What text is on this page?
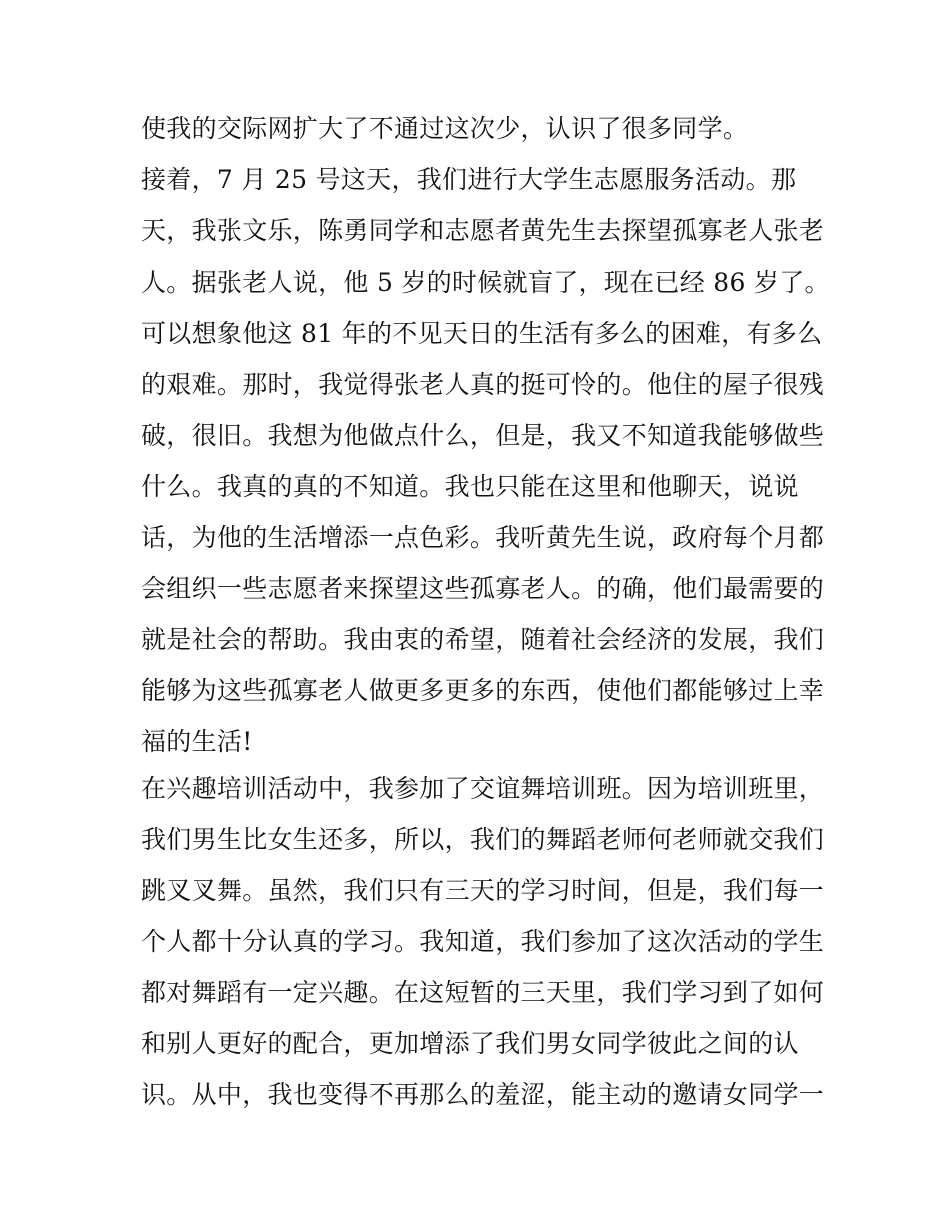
使我的交际网扩大了不通过这次少，认识了很多同学。
接着，7 月 25 号这天，我们进行大学生志愿服务活动。那
天，我张文乐，陈勇同学和志愿者黄先生去探望孤寡老人张老
人。据张老人说，他 5 岁的时候就盲了，现在已经 86 岁了。
可以想象他这 81 年的不见天日的生活有多么的困难，有多么
的艰难。那时，我觉得张老人真的挺可怜的。他住的屋子很残
破，很旧。我想为他做点什么，但是，我又不知道我能够做些
什么。我真的真的不知道。我也只能在这里和他聊天，说说
话，为他的生活增添一点色彩。我听黄先生说，政府每个月都
会组织一些志愿者来探望这些孤寡老人。的确，他们最需要的
就是社会的帮助。我由衷的希望，随着社会经济的发展，我们
能够为这些孤寡老人做更多更多的东西，使他们都能够过上幸
福的生活!
在兴趣培训活动中，我参加了交谊舞培训班。因为培训班里，
我们男生比女生还多，所以，我们的舞蹈老师何老师就交我们
跳叉叉舞。虽然，我们只有三天的学习时间，但是，我们每一
个人都十分认真的学习。我知道，我们参加了这次活动的学生
都对舞蹈有一定兴趣。在这短暂的三天里，我们学习到了如何
和别人更好的配合，更加增添了我们男女同学彼此之间的认
识。从中，我也变得不再那么的羞涩，能主动的邀请女同学一
